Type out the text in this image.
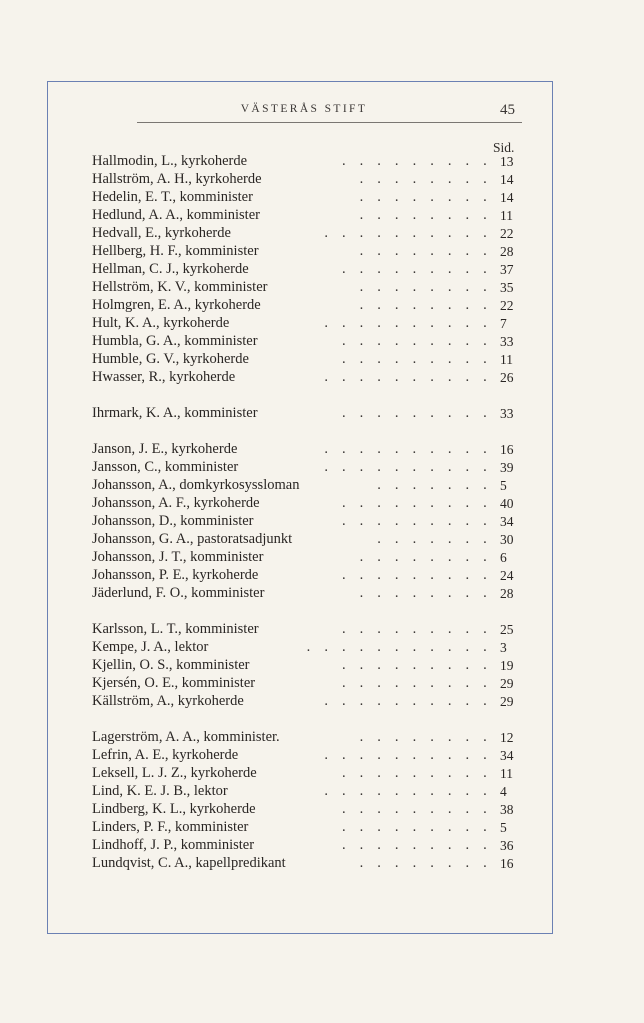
VÄSTERÅS STIFT	45
Sid.
Hallmodin, L., kyrkoherde	. . . . . . . . . 13
Hallström, A. H., kyrkoherde	. . . . . . . . 14
Hedelin, E. T., komminister	. . . . . . . . 14
Hedlund, A. A., komminister	. . . . . . . . 11
Hedvall, E., kyrkoherde	. . . . . . . . . . 22
Hellberg, H. F., komminister	. . . . . . . . 28
Hellman, C. J., kyrkoherde	. . . . . . . . . 37
Hellström, K. V., komminister	. . . . . . . . 35
Holmgren, E. A., kyrkoherde	. . . . . . . . 22
Hult, K. A., kyrkoherde	. . . . . . . . . . 7
Humbla, G. A., komminister	. . . . . . . . . 33
Humble, G. V., kyrkoherde	. . . . . . . . . 11
Hwasser, R., kyrkoherde	. . . . . . . . . . 26
Ihrmark, K. A., komminister	. . . . . . . . . 33
Janson, J. E., kyrkoherde	. . . . . . . . . . 16
Jansson, C., komminister	. . . . . . . . . . 39
Johansson, A., domkyrkosyssloman	. . . . . . . 5
Johansson, A. F., kyrkoherde	. . . . . . . . . 40
Johansson, D., komminister	. . . . . . . . . 34
Johansson, G. A., pastoratsadjunkt	. . . . . . . 30
Johansson, J. T., komminister	. . . . . . . . 6
Johansson, P. E., kyrkoherde	. . . . . . . . . 24
Jäderlund, F. O., komminister	. . . . . . . . 28
Karlsson, L. T., komminister	. . . . . . . . . 25
Kempe, J. A., lektor	. . . . . . . . . . . 3
Kjellin, O. S., komminister	. . . . . . . . . 19
Kjersén, O. E., komminister	. . . . . . . . . 29
Källström, A., kyrkoherde	. . . . . . . . . . 29
Lagerström, A. A., komminister.	. . . . . . . . 12
Lefrin, A. E., kyrkoherde	. . . . . . . . . . 34
Leksell, L. J. Z., kyrkoherde	. . . . . . . . . 11
Lind, K. E. J. B., lektor	. . . . . . . . . . 4
Lindberg, K. L., kyrkoherde	. . . . . . . . . 38
Linders, P. F., komminister	. . . . . . . . . 5
Lindhoff, J. P., komminister	. . . . . . . . . 36
Lundqvist, C. A., kapellpredikant	. . . . . . . . 16
